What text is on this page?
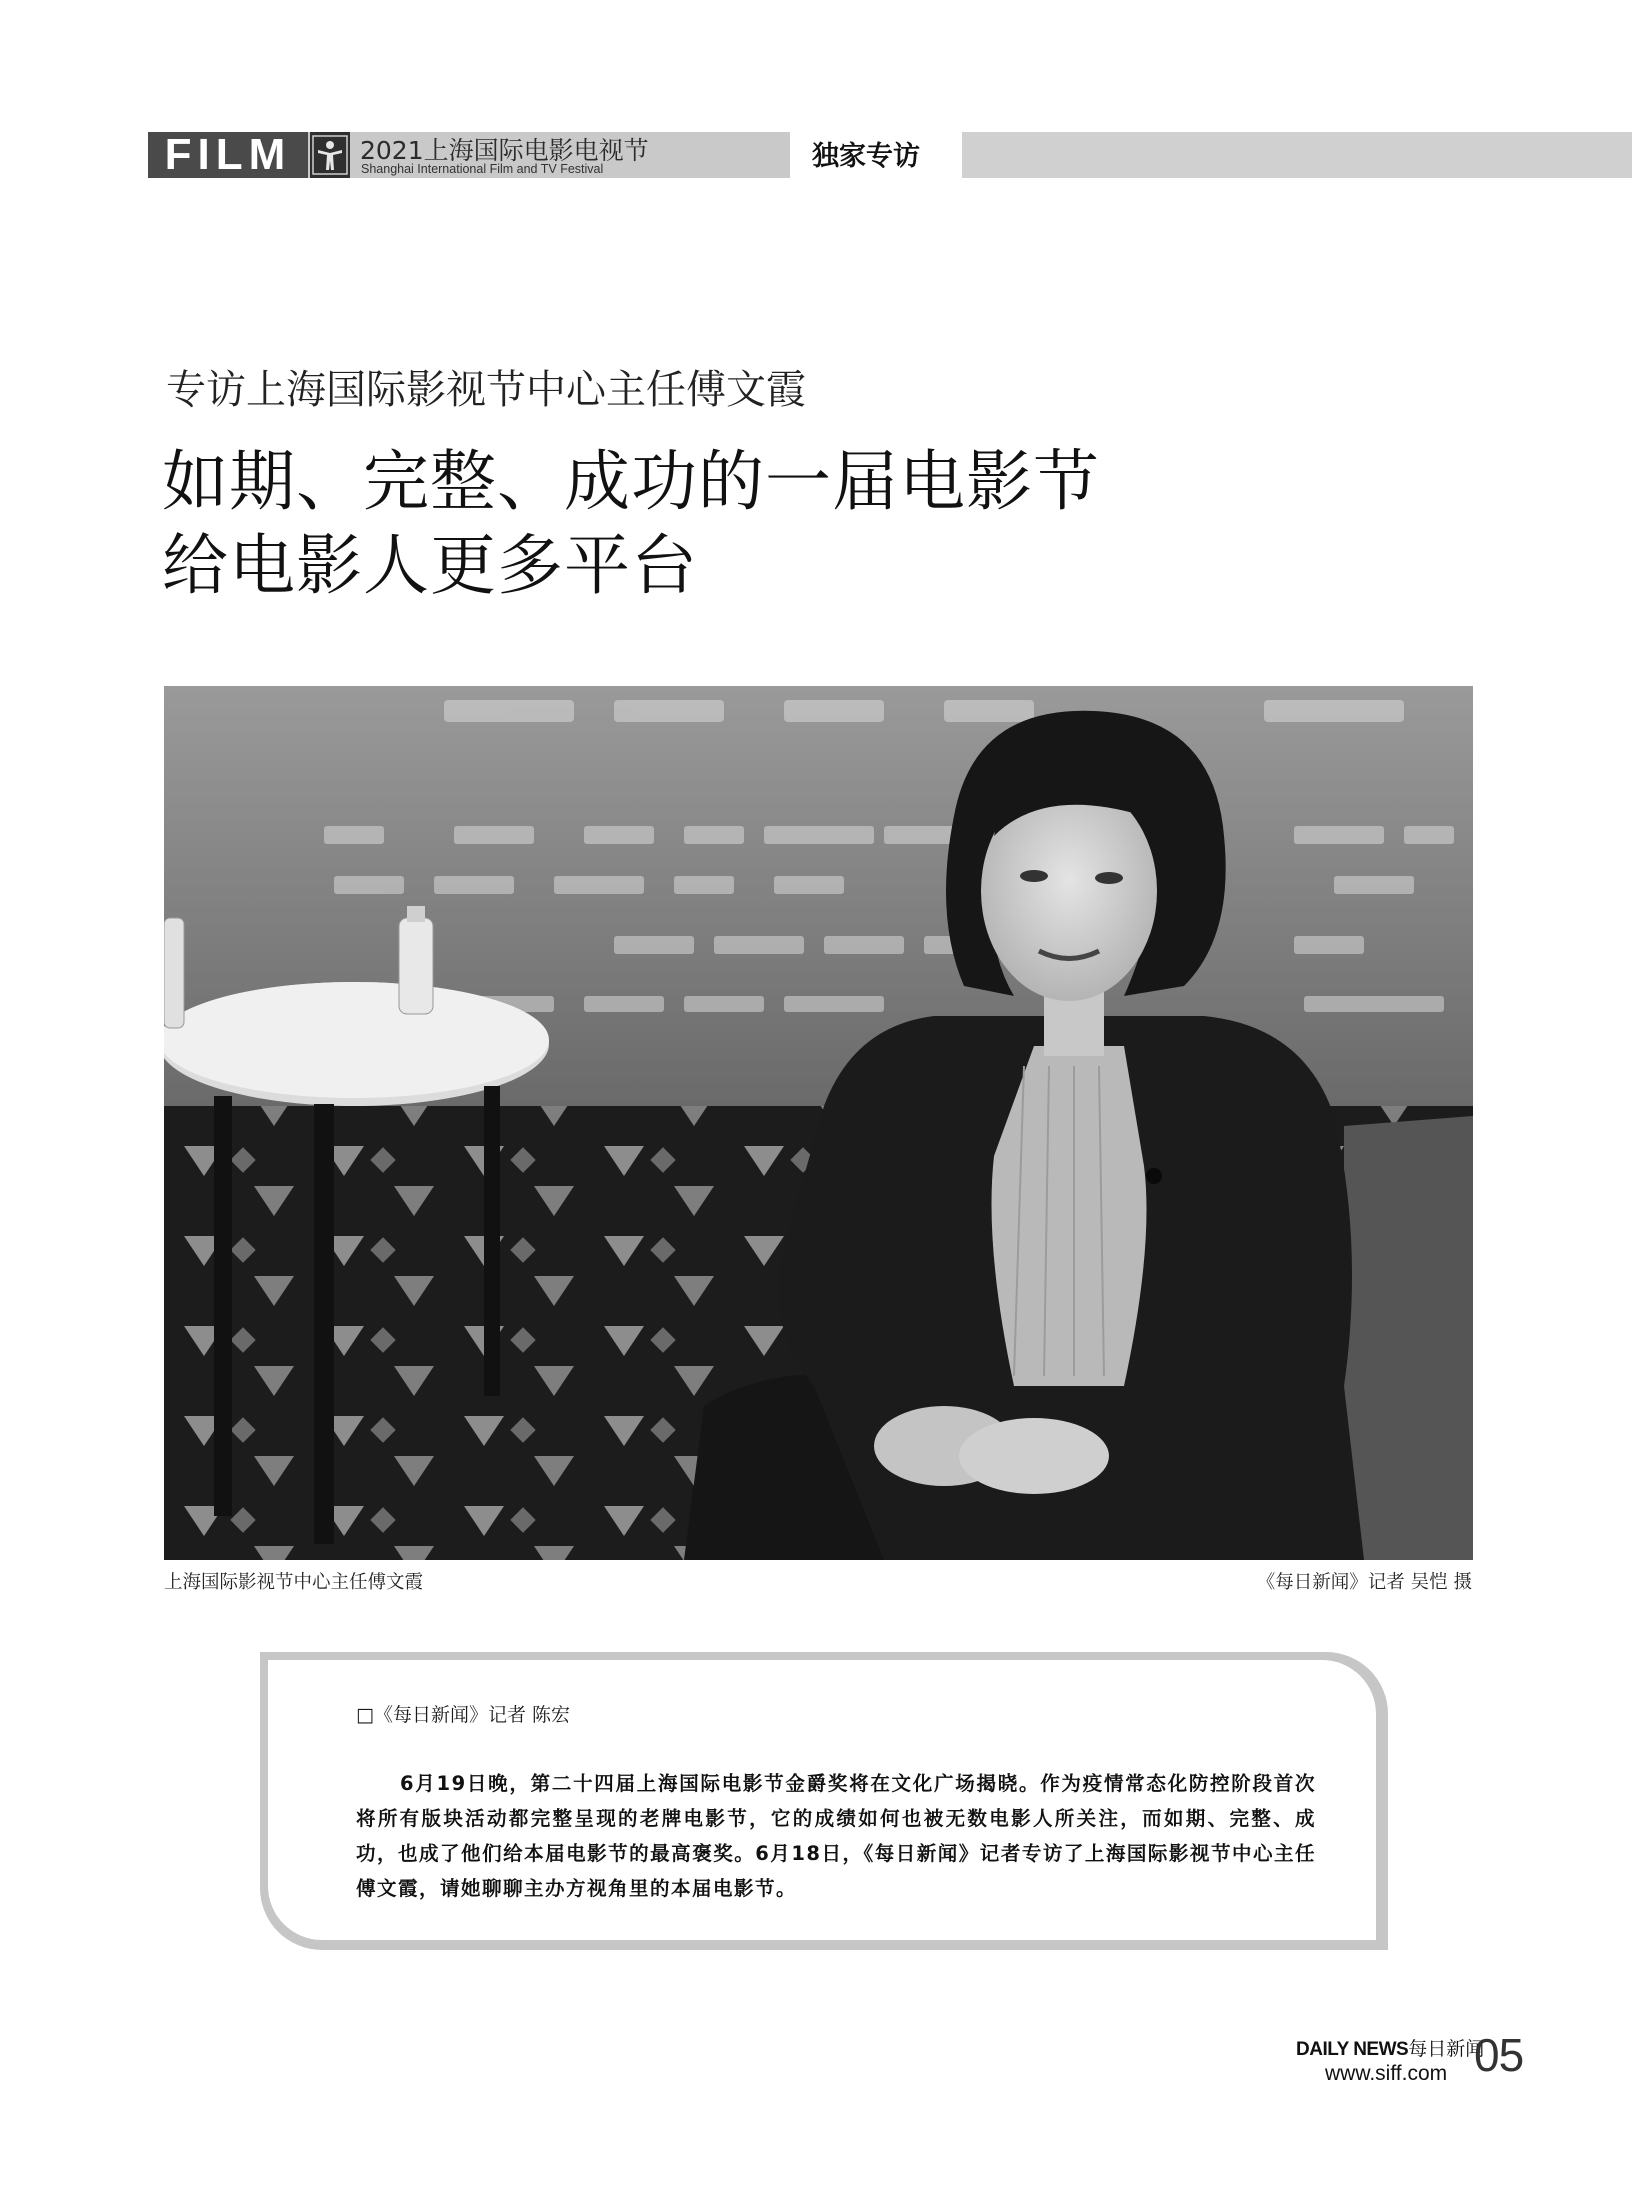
FILM	2021上海国际电影电视节
Shanghai International Film and TV Festival	独家专访
专访上海国际影视节中心主任傅文霞
如期、完整、成功的一届电影节
给电影人更多平台
上海国际影视节中心主任傅文霞	《每日新闻》记者 吴恺 摄
□《每日新闻》记者 陈宏
6月19日晚，第二十四届上海国际电影节金爵奖将在文化广场揭晓。作为疫情常态化防控阶段首次将所有版块活动都完整呈现的老牌电影节，它的成绩如何也被无数电影人所关注，而如期、完整、成功，也成了他们给本届电影节的最高褒奖。6月18日，《每日新闻》记者专访了上海国际影视节中心主任傅文霞，请她聊聊主办方视角里的本届电影节。
DAILY NEWS每日新闻
www.siff.com 05
